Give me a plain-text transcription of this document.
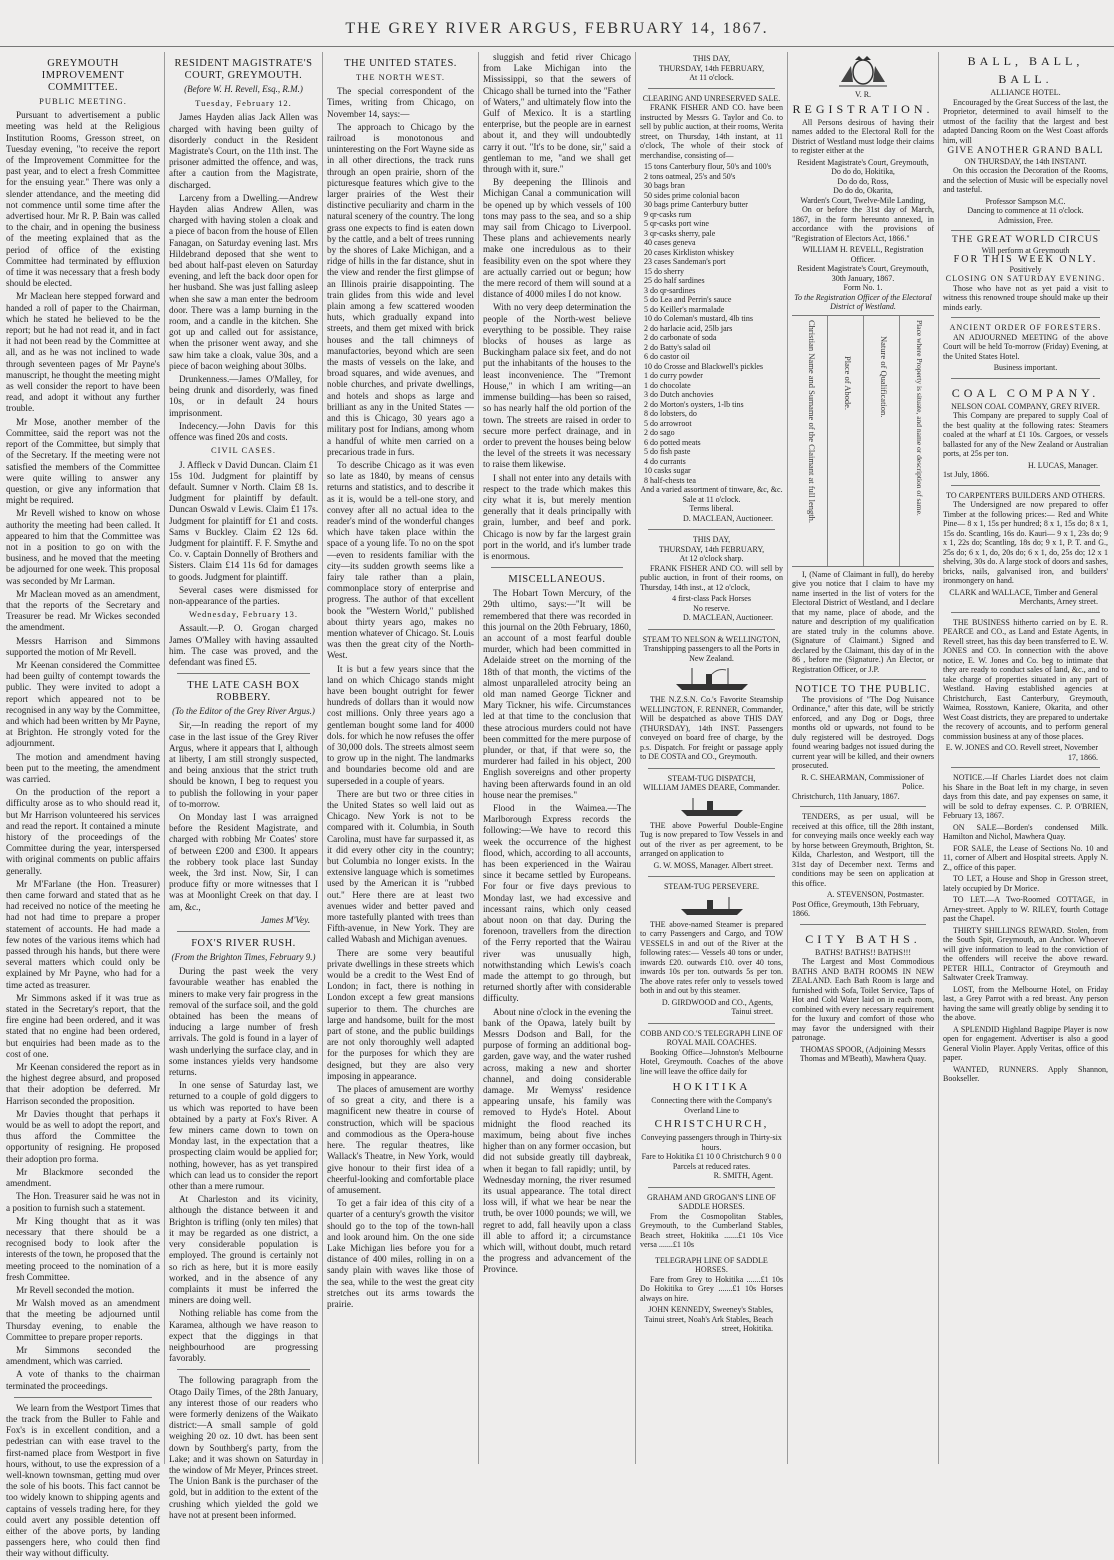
THE GREY RIVER ARGUS, FEBRUARY 14, 1867.
GREYMOUTH IMPROVEMENT COMMITTEE.
PUBLIC MEETING.

Pursuant to advertisement a public meeting was held at the Religious Institution Rooms, Gresson street, on Tuesday evening, "to receive the report of the Improvement Committee for the past year, and to elect a fresh Committee for the ensuing year." There was only a slender attendance, and the meeting did not commence until some time after the advertised hour. Mr R. P. Bain was called to the chair, and in opening the business of the meeting explained that as the period of office of the existing Committee had terminated by effluxion of time it was necessary that a fresh body should be elected.

Mr Maclean here stepped forward and handed a roll of paper to the Chairman, which he stated he believed to be the report; but he had not read it, and in fact it had not been read by the Committee at all, and as he was not inclined to wade through seventeen pages of Mr Payne's manuscript, he thought the meeting might as well consider the report to have been read, and adopt it without any further trouble.

Mr Mose, another member of the Committee, said the report was not the report of the Committee, but simply that of the Secretary. If the meeting were not satisfied the members of the Committee were quite willing to answer any question, or give any information that might be required.

Mr Revell wished to know on whose authority the meeting had been called. It appeared to him that the Committee was not in a position to go on with the business, and he moved that the meeting be adjourned for one week. This proposal was seconded by Mr Larman.

Mr Maclean moved as an amendment, that the reports of the Secretary and Treasurer be read. Mr Wickes seconded the amendment.

Messrs Harrison and Simmons supported the motion of Mr Revell.

Mr Keenan considered the Committee had been guilty of contempt towards the public. They were invited to adopt a report which appeared not to be recognised in any way by the Committee, and which had been written by Mr Payne, at Brighton. He strongly voted for the adjournment.

The motion and amendment having been put to the meeting, the amendment was carried.

On the production of the report a difficulty arose as to who should read it, but Mr Harrison volunteered his services and read the report. It contained a minute history of the proceedings of the Committee during the year, interspersed with original comments on public affairs generally.

Mr M'Farlane (the Hon. Treasurer) then came forward and stated that as he had received no notice of the meeting he had not had time to prepare a proper statement of accounts. He had made a few notes of the various items which had passed through his hands, but there were several matters which could only be explained by Mr Payne, who had for a time acted as treasurer.

Mr Simmons asked if it was true as stated in the Secretary's report, that the fire engine had been ordered, and it was stated that no engine had been ordered, but enquiries had been made as to the cost of one.

Mr Keenan considered the report as in the highest degree absurd, and proposed that their adoption be deferred. Mr Harrison seconded the proposition.

Mr Davies thought that perhaps it would be as well to adopt the report, and thus afford the Committee the opportunity of resigning. He proposed their adoption pro forma.

Mr Blackmore seconded the amendment.

The Hon. Treasurer said he was not in a position to furnish such a statement.

Mr King thought that as it was necessary that there should be a recognised body to look after the interests of the town, he proposed that the meeting proceed to the nomination of a fresh Committee.

Mr Revell seconded the motion.

Mr Walsh moved as an amendment that the meeting be adjourned until Thursday evening, to enable the Committee to prepare proper reports.

Mr Simmons seconded the amendment, which was carried.

A vote of thanks to the chairman terminated the proceedings.

We learn from the Westport Times that the track from the Buller to Fahle and Fox's is in excellent condition, and a pedestrian can with ease travel to the first-named place from Westport in five hours, without, to use the expression of a well-known townsman, getting mud over the sole of his boots. This fact cannot be too widely known to shipping agents and captains of vessels trading here, for they could avert any possible detention off either of the above ports, by landing passengers here, who could then find their way without difficulty.

RESIDENT MAGISTRATE'S COURT, GREYMOUTH.
(Before W. H. Revell, Esq., R.M.)
Tuesday, February 12.

James Hayden alias Jack Allen was charged with having been guilty of disorderly conduct in the Resident Magistrate's Court, on the 11th inst. The prisoner admitted the offence, and was, after a caution from the Magistrate, discharged.

Larceny from a Dwelling.—Andrew Hayden alias Andrew Allen, was charged with having stolen a cloak and a piece of bacon from the house of Ellen Fanagan, on Saturday evening last. Mrs Hildebrand deposed that she went to bed about half-past eleven on Saturday evening, and left the back door open for her husband. She was just falling asleep when she saw a man enter the bedroom door. There was a lamp burning in the room, and a candle in the kitchen. She got up and called out for assistance, when the prisoner went away, and she saw him take a cloak, value 30s, and a piece of bacon weighing about 30lbs.

Drunkenness.—James O'Malley, for being drunk and disorderly, was fined 10s, or in default 24 hours imprisonment.

Indecency.—John Davis for this offence was fined 20s and costs.

CIVIL CASES.

J. Affleck v David Duncan. Claim £1 15s 10d. Judgment for plaintiff by default. Sumner v North. Claim £8 1s. Judgment for plaintiff by default. Duncan Oswald v Lewis. Claim £1 17s. Judgment for plaintiff for £1 and costs. Sams v Buckley. Claim £2 12s 6d. Judgment for plaintiff. F. F. Smythe and Co. v. Captain Donnelly of Brothers and Sisters. Claim £14 11s 6d for damages to goods. Judgment for plaintiff.

Several cases were dismissed for non-appearance of the parties.

Wednesday, February 13.

Assault.—P. O. Grogan charged James O'Malley with having assaulted him. The case was proved, and the defendant was fined £5.

THE LATE CASH BOX ROBBERY.
(To the Editor of the Grey River Argus.)

Sir,—In reading the report of my case in the last issue of the Grey River Argus, where it appears that I, although at liberty, I am still strongly suspected, and being anxious that the strict truth should be known, I beg to request you to publish the following in your paper of to-morrow.

On Monday last I was arraigned before the Resident Magistrate, and charged with robbing Mr Coates' store of between £200 and £300. It appears the robbery took place last Sunday week, the 3rd inst. Now, Sir, I can produce fifty or more witnesses that I was at Moonlight Creek on that day. I am, &c.,

James M'Vey.
FOX'S RIVER RUSH.
(From the Brighton Times, February 9.)

During the past week the very favourable weather has enabled the miners to make very fair progress in the removal of the surface soil, and the gold obtained has been the means of inducing a large number of fresh arrivals. The gold is found in a layer of wash underlying the surface clay, and in some instances yields very handsome returns.

In one sense of Saturday last, we returned to a couple of gold diggers to us which was reported to have been obtained by a party at Fox's River. A few miners came down to town on Monday last, in the expectation that a prospecting claim would be applied for; nothing, however, has as yet transpired which can lead us to consider the report other than a mere rumour.

At Charleston and its vicinity, although the distance between it and Brighton is trifling (only ten miles) that it may be regarded as one district, a very considerable population is employed. The ground is certainly not so rich as here, but it is more easily worked, and in the absence of any complaints it must be inferred the miners are doing well.

Nothing reliable has come from the Karamea, although we have reason to expect that the diggings in that neighbourhood are progressing favorably.

The following paragraph from the Otago Daily Times, of the 28th January, any interest those of our readers who were formerly denizens of the Waikato district:—A small sample of gold weighing 20 oz. 10 dwt. has been sent down by Southberg's party, from the Lake; and it was shown on Saturday in the window of Mr Meyer, Princes street. The Union Bank is the purchaser of the gold, but in addition to the extent of the crushing which yielded the gold we have not at present been informed.

THE UNITED STATES.
THE NORTH WEST.

The special correspondent of the Times, writing from Chicago, on November 14, says:—

The approach to Chicago by the railroad is monotonous and uninteresting on the Fort Wayne side as in all other directions, the track runs through an open prairie, shorn of the picturesque features which give to the larger prairies of the West their distinctive peculiarity and charm in the natural scenery of the country. The long grass one expects to find is eaten down by the cattle, and a belt of trees running by the shores of Lake Michigan, and a ridge of hills in the far distance, shut in the view and render the first glimpse of an Illinois prairie disappointing. The train glides from this wide and level plain among a few scattered wooden huts, which gradually expand into streets, and them get mixed with brick houses and the tall chimneys of manufactories, beyond which are seen the masts of vessels on the lake, and broad squares, and wide avenues, and noble churches, and private dwellings, and hotels and shops as large and brilliant as any in the United States —and this is Chicago, 30 years ago a military post for Indians, among whom a handful of white men carried on a precarious trade in furs.

To describe Chicago as it was even so late as 1840, by means of census returns and statistics, and to describe it as it is, would be a tell-one story, and convey after all no actual idea to the reader's mind of the wonderful changes which have taken place within the space of a young life. To no on the spot—even to residents familiar with the city—its sudden growth seems like a fairy tale rather than a plain, commonplace story of enterprise and progress. The author of that excellent book the "Western World," published about thirty years ago, makes no mention whatever of Chicago. St. Louis was then the great city of the North-West.

It is but a few years since that the land on which Chicago stands might have been bought outright for fewer hundreds of dollars than it would now cost millions. Only three years ago a gentleman bought some land for 4000 dols. for which he now refuses the offer of 30,000 dols. The streets almost seem to grow up in the night. The landmarks and boundaries become old and are superseded in a couple of years.

There are but two or three cities in the United States so well laid out as Chicago. New York is not to be compared with it. Columbia, in South Carolina, must have far surpassed it, as it did every other city in the country; but Columbia no longer exists. In the extensive language which is sometimes used by the American it is "rubbed out." Here there are at least two avenues wider and better paved and more tastefully planted with trees than Fifth-avenue, in New York. They are called Wabash and Michigan avenues.

There are some very beautiful private dwellings in these streets which would be a credit to the West End of London; in fact, there is nothing in London except a few great mansions superior to them. The churches are large and handsome, built for the most part of stone, and the public buildings are not only thoroughly well adapted for the purposes for which they are designed, but they are also very imposing in appearance.

The places of amusement are worthy of so great a city, and there is a magnificent new theatre in course of construction, which will be spacious and commodious as the Opera-house here. The regular theatres, like Wallack's Theatre, in New York, would give honour to their first idea of a cheerful-looking and comfortable place of amusement.

To get a fair idea of this city of a quarter of a century's growth the visitor should go to the top of the town-hall and look around him. On the one side Lake Michigan lies before you for a distance of 400 miles, rolling in on a sandy plain with waves like those of the sea, while to the west the great city stretches out its arms towards the prairie.

sluggish and fetid river Chicago from Lake Michigan into the Mississippi, so that the sewers of Chicago shall be turned into the "Father of Waters," and ultimately flow into the Gulf of Mexico. It is a startling enterprise, but the people are in earnest about it, and they will undoubtedly carry it out. "It's to be done, sir," said a gentleman to me, "and we shall get through with it, sure."

By deepening the Illinois and Michigan Canal a communication will be opened up by which vessels of 100 tons may pass to the sea, and so a ship may sail from Chicago to Liverpool. These plans and achievements nearly make one incredulous as to their feasibility even on the spot where they are actually carried out or begun; how the mere record of them will sound at a distance of 4000 miles I do not know.

With no very deep determination the people of the North-west believe everything to be possible. They raise blocks of houses as large as Buckingham palace six feet, and do not put the inhabitants of the houses to the least inconvenience. The "Tremont House," in which I am writing—an immense building—has been so raised, so has nearly half the old portion of the town. The streets are raised in order to secure more perfect drainage, and in order to prevent the houses being below the level of the streets it was necessary to raise them likewise.

I shall not enter into any details with respect to the trade which makes this city what it is, but merely mention generally that it deals principally with grain, lumber, and beef and pork. Chicago is now by far the largest grain port in the world, and it's lumber trade is enormous.

MISCELLANEOUS.

The Hobart Town Mercury, of the 29th ultimo, says:—"It will be remembered that there was recorded in this journal on the 20th February, 1860, an account of a most fearful double murder, which had been committed in Adelaide street on the morning of the 18th of that month, the victims of the almost unparalleled atrocity being an old man named George Tickner and Mary Tickner, his wife. Circumstances led at that time to the conclusion that these atrocious murders could not have been committed for the mere purpose of plunder, or that, if that were so, the murderer had failed in his object, 200 English sovereigns and other property having been afterwards found in an old house near the premises."

Flood in the Waimea.—The Marlborough Express records the following:—We have to record this week the occurrence of the highest flood, which, according to all accounts, has been experienced in the Wairau since it became settled by Europeans. For four or five days previous to Monday last, we had excessive and incessant rains, which only ceased about noon on that day. During the forenoon, travellers from the direction of the Ferry reported that the Wairau river was unusually high, notwithstanding which Lewis's coach made the attempt to go through, but returned shortly after with considerable difficulty.

About nine o'clock in the evening the bank of the Opawa, lately built by Messrs Dodson and Ball, for the purpose of forming an additional bog-garden, gave way, and the water rushed across, making a new and shorter channel, and doing considerable damage. Mr Wemyss' residence appearing unsafe, his family was removed to Hyde's Hotel. About midnight the flood reached its maximum, being about five inches higher than on any former occasion, but did not subside greatly till daybreak, when it began to fall rapidly; until, by Wednesday morning, the river resumed its usual appearance. The total direct loss will, if what we hear be near the truth, be over 1000 pounds; we will, we regret to add, fall heavily upon a class ill able to afford it; a circumstance which will, without doubt, much retard the progress and advancement of the Province.

THIS DAY,
THURSDAY, 14th FEBRUARY,
At 11 o'clock.
CLEARING AND UNRESERVED SALE.

FRANK FISHER AND CO. have been instructed by Messrs G. Taylor and Co. to sell by public auction, at their rooms, Werita street, on Thursday, 14th instant, at 11 o'clock, The whole of their stock of merchandise, consisting of—

15 tons Canterbury flour, 50's and 100's
2 tons oatmeal, 25's and 50's
30 bags bran
50 sides prime colonial bacon
30 bags prime Canterbury butter
9 qr-casks rum
5 qr-casks port wine
3 qr-casks sherry, pale
40 cases geneva
20 cases Kirkliston whiskey
23 cases Sandeman's port
15 do sherry
25 do half sardines
3 do qr-sardines
5 do Lea and Perrin's sauce
5 do Keiller's marmalade
10 do Coleman's mustard, 4lb tins
2 do harlacie acid, 25lb jars
2 do carbonate of soda
2 do Batty's salad oil
6 do castor oil
10 do Crosse and Blackwell's pickles
1 do curry powder
1 do chocolate
3 do Dutch anchovies
2 do Morton's oysters, 1-lb tins
8 do lobsters, do
5 do arrowroot
2 do sago
6 do potted meats
5 do fish paste
4 do currants
10 casks sugar
8 half-chests tea
And a varied assortment of tinware, &c, &c.
Sale at 11 o'clock.
Terms liberal.
D. MACLEAN, Auctioneer.
THIS DAY,
THURSDAY, 14th FEBRUARY,
At 12 o'clock sharp.

FRANK FISHER AND CO. will sell by public auction, in front of their rooms, on Thursday, 14th inst., at 12 o'clock,

4 first-class Pack Horses
No reserve.
D. MACLEAN, Auctioneer.
STEAM TO NELSON & WELLINGTON,
Transhipping passengers to all the Ports in New Zealand.

THE N.Z.S.N. Co.'s Favorite Steamship WELLINGTON, F. RENNER, Commander, Will be despatched as above THIS DAY (THURSDAY), 14th INST. Passengers conveyed on board free of charge, by the p.s. Dispatch. For freight or passage apply to DE COSTA and CO., Greymouth.

STEAM-TUG DISPATCH,
WILLIAM JAMES DEARE, Commander.

THE above Powerful Double-Engine Tug is now prepared to Tow Vessels in and out of the river as per agreement, to be arranged on application to

G. W. MOSS, Manager. Albert street.
STEAM-TUG PERSEVERE.

THE above-named Steamer is prepared to carry Passengers and Cargo, and TOW VESSELS in and out of the River at the following rates:— Vessels 40 tons or under, inwards £20. outwards £10. over 40 tons, inwards 10s per ton. outwards 5s per ton. The above rates refer only to vessels towed both in and out by this steamer.

D. GIRDWOOD and CO., Agents, Tainui street.
COBB AND CO.'S TELEGRAPH LINE OF ROYAL MAIL COACHES.

Booking Office—Johnston's Melbourne Hotel, Greymouth. Coaches of the above line will leave the office daily for

HOKITIKA
Connecting there with the Company's Overland Line to
CHRISTCHURCH,
Conveying passengers through in Thirty-six hours.
Fare to Hokitika £1 10 0 Christchurch 9 0 0 Parcels at reduced rates.
R. SMITH, Agent.
GRAHAM AND GROGAN'S LINE OF SADDLE HORSES.

From the Cosmopolitan Stables, Greymouth, to the Cumberland Stables, Beach street, Hokitika .......£1 10s Vice versa .......£1 10s

TELEGRAPH LINE OF SADDLE HORSES.

Fare from Grey to Hokitika .......£1 10s Do Hokitika to Grey .......£1 10s Horses always on hire.

JOHN KENNEDY, Sweeney's Stables, Tainui street, Noah's Ark Stables, Beach street, Hokitika.
V. R.
REGISTRATION.

All Persons desirous of having their names added to the Electoral Roll for the District of Westland must lodge their claims to register either at the

Resident Magistrate's Court, Greymouth,
Do do do, Hokitika,
Do do do, Ross,
Do do do, Okarita,
Warden's Court, Twelve-Mile Landing,

On or before the 31st day of March, 1867, in the form hereunto annexed, in accordance with the provisions of "Registration of Electors Act, 1866."

WILLIAM H. REVELL, Registration Officer.
Resident Magistrate's Court, Greymouth, 30th January, 1867.
Form No. 1.
To the Registration Officer of the Electoral District of Westland.
Christian Name and Surname of the Claimant at full length.	Place of Abode.	Nature of Qualification.	Place where Property is situate, and name or description of same.

I, (Name of Claimant in full), do hereby give you notice that I claim to have my name inserted in the list of voters for the Electoral District of Westland, and I declare that my name, place of abode, and the nature and description of my qualification are stated truly in the columns above. (Signature of Claimant.) Signed and declared by the Claimant, this day of in the 86 , before me (Signature.) An Elector, or Registration Officer, or J.P.

NOTICE TO THE PUBLIC.

The provisions of "The Dog Nuisance Ordinance," after this date, will be strictly enforced, and any Dog or Dogs, three months old or upwards, not found to be duly registered will be destroyed. Dogs found wearing badges not issued during the current year will be killed, and their owners prosecuted.

R. C. SHEARMAN, Commissioner of Police.
Christchurch, 11th January, 1867.

TENDERS, as per usual, will be received at this office, till the 28th instant, for conveying mails once weekly each way by horse between Greymouth, Brighton, St. Kilda, Charleston, and Westport, till the 31st day of December next. Terms and conditions may be seen on application at this office.

A. STEVENSON, Postmaster.
Post Office, Greymouth, 13th February, 1866.
CITY BATHS.
BATHS! BATHS!! BATHS!!!

The Largest and Most Commodious BATHS AND BATH ROOMS IN NEW ZEALAND. Each Bath Room is large and furnished with Sofa, Toilet Service, Taps of Hot and Cold Water laid on in each room, combined with every necessary requirement for the luxury and comfort of those who may favor the undersigned with their patronage.

THOMAS SPOOR, (Adjoining Messrs Thomas and M'Beath), Mawhera Quay.
BALL, BALL, BALL.
ALLIANCE HOTEL.

Encouraged by the Great Success of the last, the Proprietor, determined to avail himself to the utmost of the facility that the largest and best adapted Dancing Room on the West Coast affords him, will

GIVE ANOTHER GRAND BALL
ON THURSDAY, the 14th INSTANT.

On this occasion the Decoration of the Rooms, and the selection of Music will be especially novel and tasteful.

Professor Sampson M.C.
Dancing to commence at 11 o'clock.
Admission, Free.
THE GREAT WORLD CIRCUS
Will perform at Greymouth
FOR THIS WEEK ONLY.
Positively
CLOSING ON SATURDAY EVENING.

Those who have not as yet paid a visit to witness this renowned troupe should make up their minds early.

ANCIENT ORDER OF FORESTERS.

AN ADJOURNED MEETING of the above Court will be held To-morrow (Friday) Evening, at the United States Hotel.

Business important.
COAL COMPANY.
NELSON COAL COMPANY, GREY RIVER.

This Company are prepared to supply Coal of the best quality at the following rates: Steamers coaled at the wharf at £1 10s. Cargoes, or vessels ballasted for any of the New Zealand or Australian ports, at 25s per ton.

H. LUCAS, Manager.
1st July, 1866.
TO CARPENTERS BUILDERS AND OTHERS.

The Undersigned are now prepared to offer Timber at the following prices:— Red and White Pine— 8 x 1, 15s per hundred; 8 x 1, 15s do; 8 x 1, 15s do. Scantling, 16s do. Kauri— 9 x 1, 23s do; 9 x 1, 22s do; Scantling, 18s do; 9 x 1, P. T. and G., 25s do; 6 x 1, do, 20s do; 6 x 1, do, 25s do; 12 x 1 shelving, 30s do. A large stock of doors and sashes, bricks, nails, galvanised iron, and builders' ironmongery on hand.

CLARK and WALLACE, Timber and General Merchants, Arney street.

THE BUSINESS hitherto carried on by E. R. PEARCE and CO., as Land and Estate Agents, in Revell street, has this day been transferred to E. W. JONES and CO. In connection with the above notice, E. W. Jones and Co. beg to intimate that they are ready to conduct sales of land, &c., and to take charge of properties situated in any part of Westland. Having established agencies at Christchurch, East Canterbury, Greymouth, Waimea, Rosstown, Kaniere, Okarita, and other West Coast districts, they are prepared to undertake the recovery of accounts, and to perform general commission business at any of those places.

E. W. JONES and CO. Revell street, November 17, 1866.

NOTICE.—If Charles Liardet does not claim his Share in the Boat left in my charge, in seven days from this date, and pay expenses on same, it will be sold to defray expenses. C. P. O'BRIEN, February 13, 1867.

ON SALE—Borden's condensed Milk. Hamilton and Nichol, Mawhera Quay.

FOR SALE, the Lease of Sections No. 10 and 11, corner of Albert and Hospital streets. Apply N. Z., office of this paper.

TO LET, a House and Shop in Gresson street, lately occupied by Dr Morice.

TO LET.—A Two-Roomed COTTAGE, in Arney-street. Apply to W. RILEY, fourth Cottage past the Chapel.

THIRTY SHILLINGS REWARD. Stolen, from the South Spit, Greymouth, an Anchor. Whoever will give information to lead to the conviction of the offenders will receive the above reward. PETER HILL, Contractor of Greymouth and Saltwater Creek Tramway.

LOST, from the Melbourne Hotel, on Friday last, a Grey Parrot with a red breast. Any person having the same will greatly oblige by sending it to the above.

A SPLENDID Highland Bagpipe Player is now open for engagement. Advertiser is also a good General Violin Player. Apply Veritas, office of this paper.

WANTED, RUNNERS. Apply Shannon, Bookseller.
